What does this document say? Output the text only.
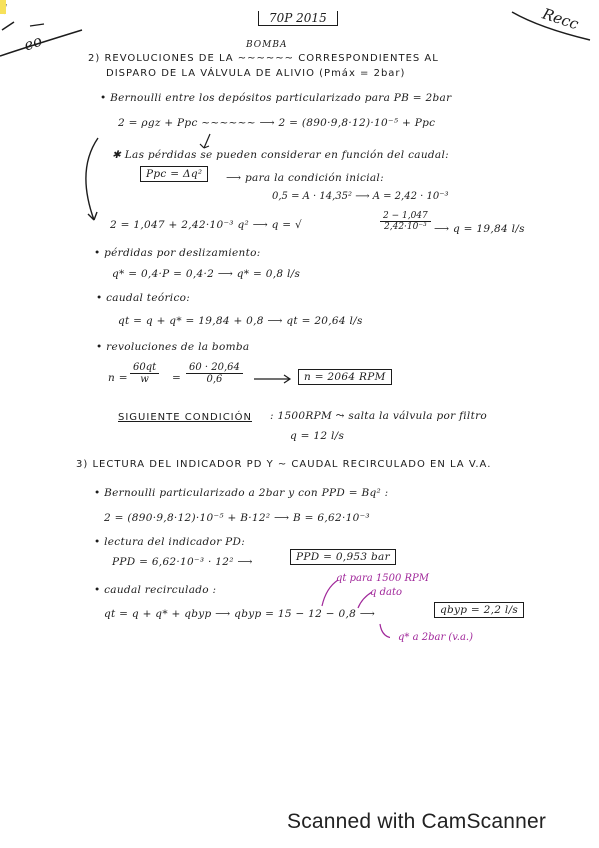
eo
Recc
70P 2015
BOMBA
2) REVOLUCIONES DE LA ~~~~~~ CORRESPONDIENTES AL
DISPARO DE LA VÁLVULA DE ALIVIO (Pmáx = 2bar)
• Bernoulli entre los depósitos particularizado para PB = 2bar
2 = ρgz + Ppc ~~~~~~ ⟶ 2 = (890·9,8·12)·10⁻⁵ + Ppc
✱ Las pérdidas se pueden considerar en función del caudal:
Ppc = Δq²	⟶ para la condición inicial:
0,5 = A · 14,35² ⟶ A = 2,42 · 10⁻³
2 = 1,047 + 2,42·10⁻³ q² ⟶ q = √	$\frac{2 - 1,047}{\text{2,42·10⁻³}}$ ⟶ q = 19,84 l/s
• pérdidas por deslizamiento:
q* = 0,4·P = 0,4·2 ⟶ q* = 0,8 l/s
• caudal teórico:
qt = q + q* = 19,84 + 0,8 ⟶ qt = 20,64 l/s
• revoluciones de la bomba
$n = \frac{60qt}{w} = \frac{60 \cdot 20,64}{0,6}$	n = 2064 RPM
SIGUIENTE CONDICIÓN : 1500RPM ⤳ salta la válvula por filtro
q = 12 l/s
3) LECTURA DEL INDICADOR PD Y ~ CAUDAL RECIRCULADO EN LA V.A.
• Bernoulli particularizado a 2bar y con PPD = Bq² :
2 = (890·9,8·12)·10⁻⁵ + B·12² ⟶ B = 6,62·10⁻³
• lectura del indicador PD:
PPD = 6,62·10⁻³ · 12² ⟶	PPD = 0,953 bar
• caudal recirculado :
qt para 1500 RPM
q dato
qt = q + q* + qbyp ⟶ qbyp = 15 − 12 − 0,8 ⟶	qbyp = 2,2 l/s
q* a 2bar (v.a.)
Scanned with CamScanner
